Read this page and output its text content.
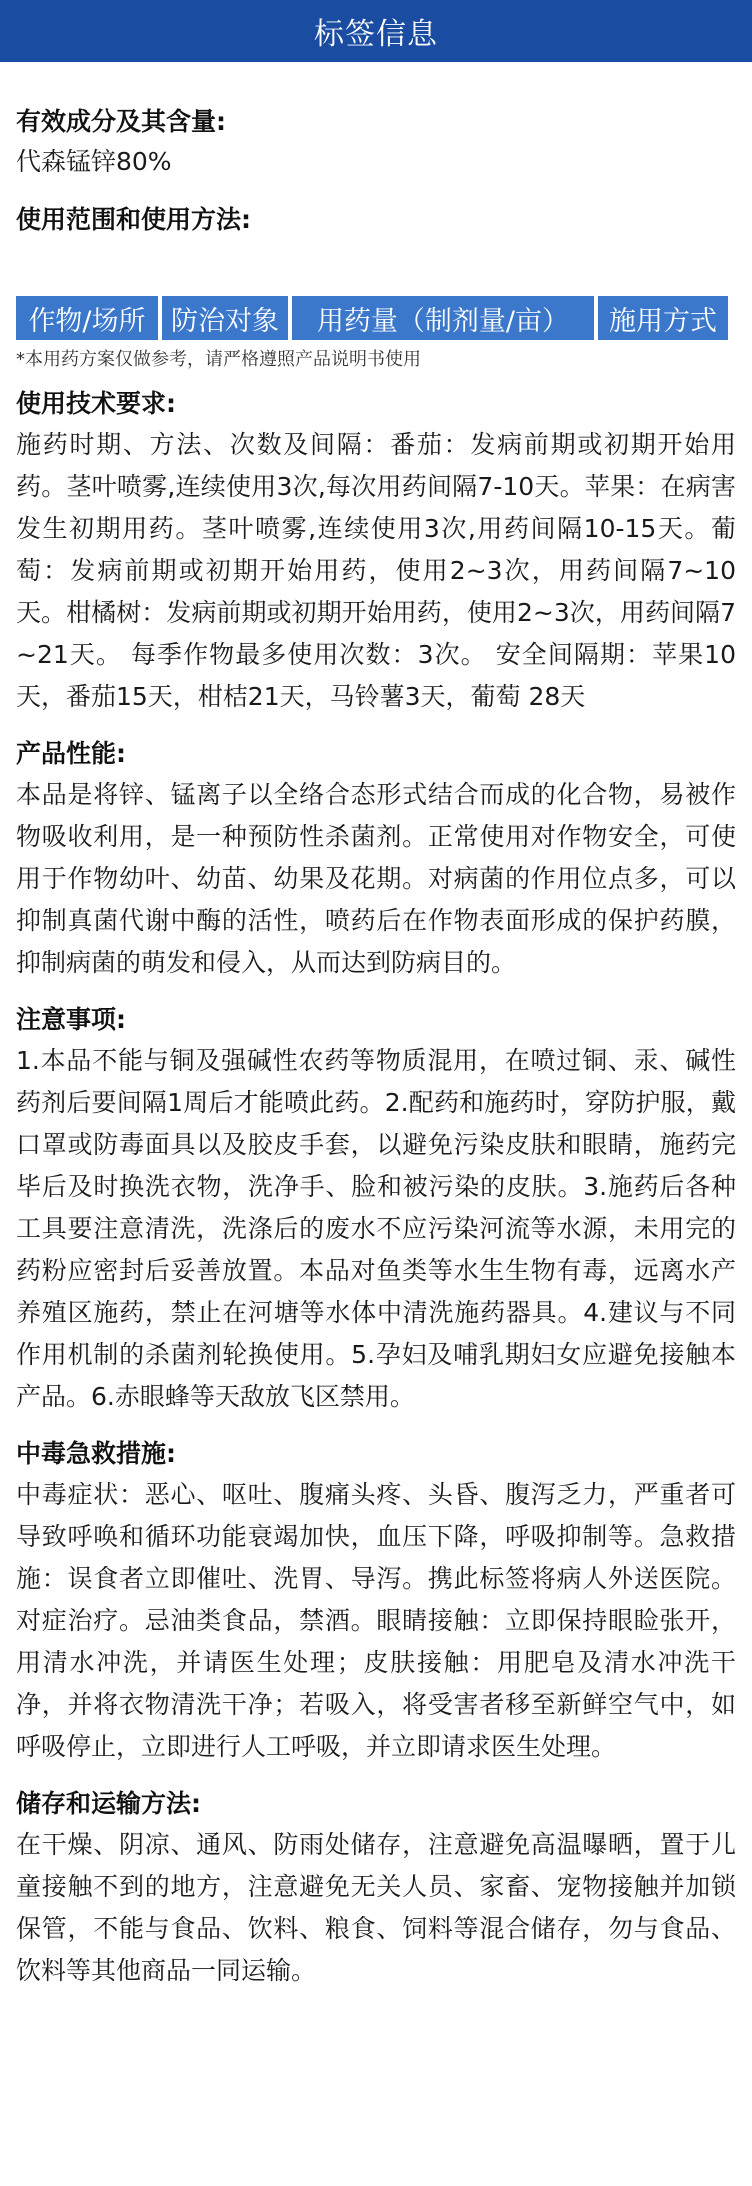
标签信息
有效成分及其含量:
代森锰锌80%
使用范围和使用方法:
作物/场所 防治对象	用药量（制剂量/亩）	施用方式
*本用药方案仅做参考，请严格遵照产品说明书使用
使用技术要求:
施药时期、方法、次数及间隔：番茄：发病前期或初期开始用药。茎叶喷雾,连续使用3次,每次用药间隔7-10天。苹果：在病害发生初期用药。茎叶喷雾,连续使用3次,用药间隔10-15天。葡萄：发病前期或初期开始用药，使用2~3次，用药间隔7~10天。柑橘树：发病前期或初期开始用药，使用2~3次，用药间隔7~21天。 每季作物最多使用次数：3次。 安全间隔期：苹果10天，番茄15天，柑桔21天，马铃薯3天，葡萄 28天
产品性能:
本品是将锌、锰离子以全络合态形式结合而成的化合物，易被作物吸收利用，是一种预防性杀菌剂。正常使用对作物安全，可使用于作物幼叶、幼苗、幼果及花期。对病菌的作用位点多，可以抑制真菌代谢中酶的活性，喷药后在作物表面形成的保护药膜，抑制病菌的萌发和侵入，从而达到防病目的。
注意事项:
1.本品不能与铜及强碱性农药等物质混用，在喷过铜、汞、碱性药剂后要间隔1周后才能喷此药。2.配药和施药时，穿防护服，戴口罩或防毒面具以及胶皮手套，以避免污染皮肤和眼睛，施药完毕后及时换洗衣物，洗净手、脸和被污染的皮肤。3.施药后各种工具要注意清洗，洗涤后的废水不应污染河流等水源，未用完的药粉应密封后妥善放置。本品对鱼类等水生生物有毒，远离水产养殖区施药，禁止在河塘等水体中清洗施药器具。4.建议与不同作用机制的杀菌剂轮换使用。5.孕妇及哺乳期妇女应避免接触本产品。6.赤眼蜂等天敌放飞区禁用。
中毒急救措施:
中毒症状：恶心、呕吐、腹痛头疼、头昏、腹泻乏力，严重者可导致呼唤和循环功能衰竭加快，血压下降，呼吸抑制等。急救措施：误食者立即催吐、洗胃、导泻。携此标签将病人外送医院。对症治疗。忌油类食品，禁酒。眼睛接触：立即保持眼睑张开，用清水冲洗，并请医生处理；皮肤接触：用肥皂及清水冲洗干净，并将衣物清洗干净；若吸入，将受害者移至新鲜空气中，如呼吸停止，立即进行人工呼吸，并立即请求医生处理。
储存和运输方法:
在干燥、阴凉、通风、防雨处储存，注意避免高温曝晒，置于儿童接触不到的地方，注意避免无关人员、家畜、宠物接触并加锁保管，不能与食品、饮料、粮食、饲料等混合储存，勿与食品、饮料等其他商品一同运输。
